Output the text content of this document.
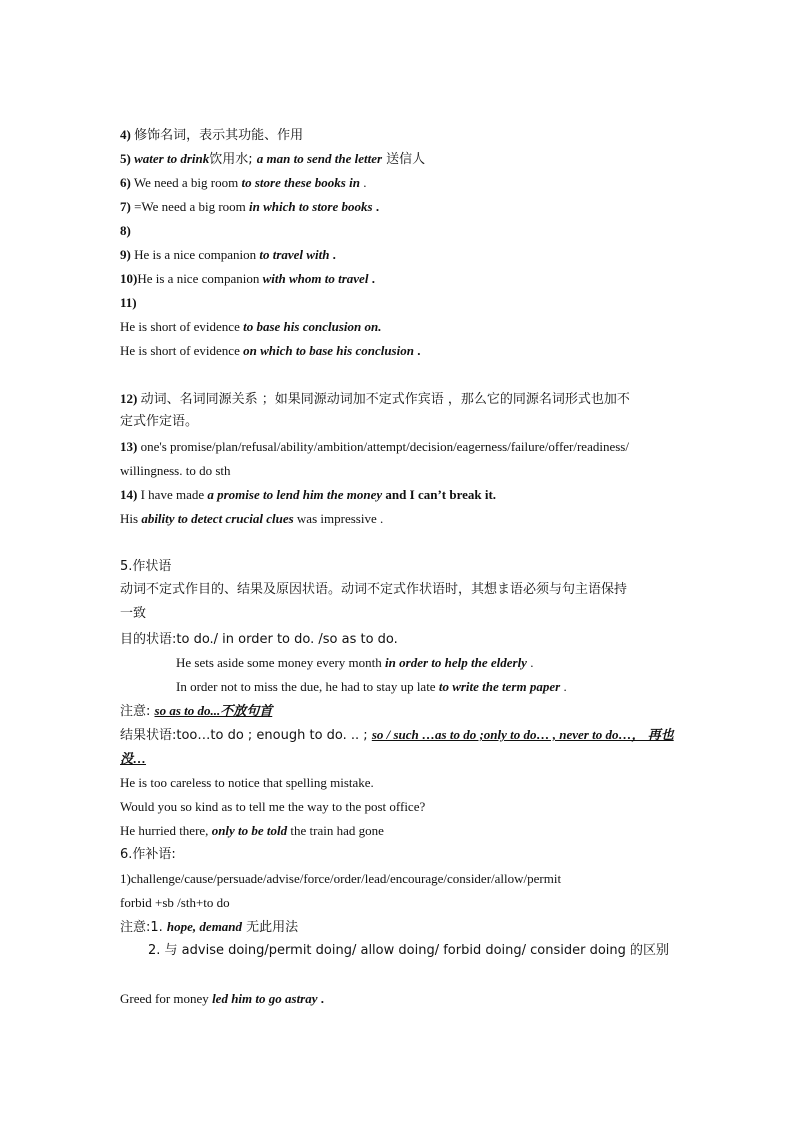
4) 修饰名词，表示其功能、作用
5) water to drink饮用水; a man to send the letter 送信人
6) We need a big room to store these books in .
7) =We need a big room in which to store books .
8)
9) He is a nice companion to travel with .
10)He is a nice companion with whom to travel .
11)
He is short of evidence to base his conclusion on.
He is short of evidence on which to base his conclusion .
12) 动词、名词同源关系 ；如果同源动词加不定式作宾语 ，那么它的同源名词形式也加不
定式作定语。
13) one's promise/plan/refusal/ability/ambition/attempt/decision/eagerness/failure/offer/readiness/
willingness. to do sth
14) I have made a promise to lend him the money and I can’t break it.
His ability to detect crucial clues was impressive .
5.作状语
动词不定式作目的、结果及原因状语。动词不定式作状语时，其想ま语必须与句主语保持
一致
目的状语:to do./ in order to do. /so as to do.
He sets aside some money every month in order to help the elderly .
In order not to miss the due, he had to stay up late to write the term paper .
注意: so as to do...不放句首
结果状语:too…to do ; enough to do. .. ; so / such …as to do ;only to do… , never to do…， 再也
没…
He is too careless to notice that spelling mistake.
Would you so kind as to tell me the way to the post office?
He hurried there, only to be told the train had gone
6.作补语:
1)challenge/cause/persuade/advise/force/order/lead/encourage/consider/allow/permit
forbid +sb /sth+to do
注意:1. hope, demand 无此用法
2. 与 advise doing/permit doing/ allow doing/ forbid doing/ consider doing 的区别
Greed for money led him to go astray .
